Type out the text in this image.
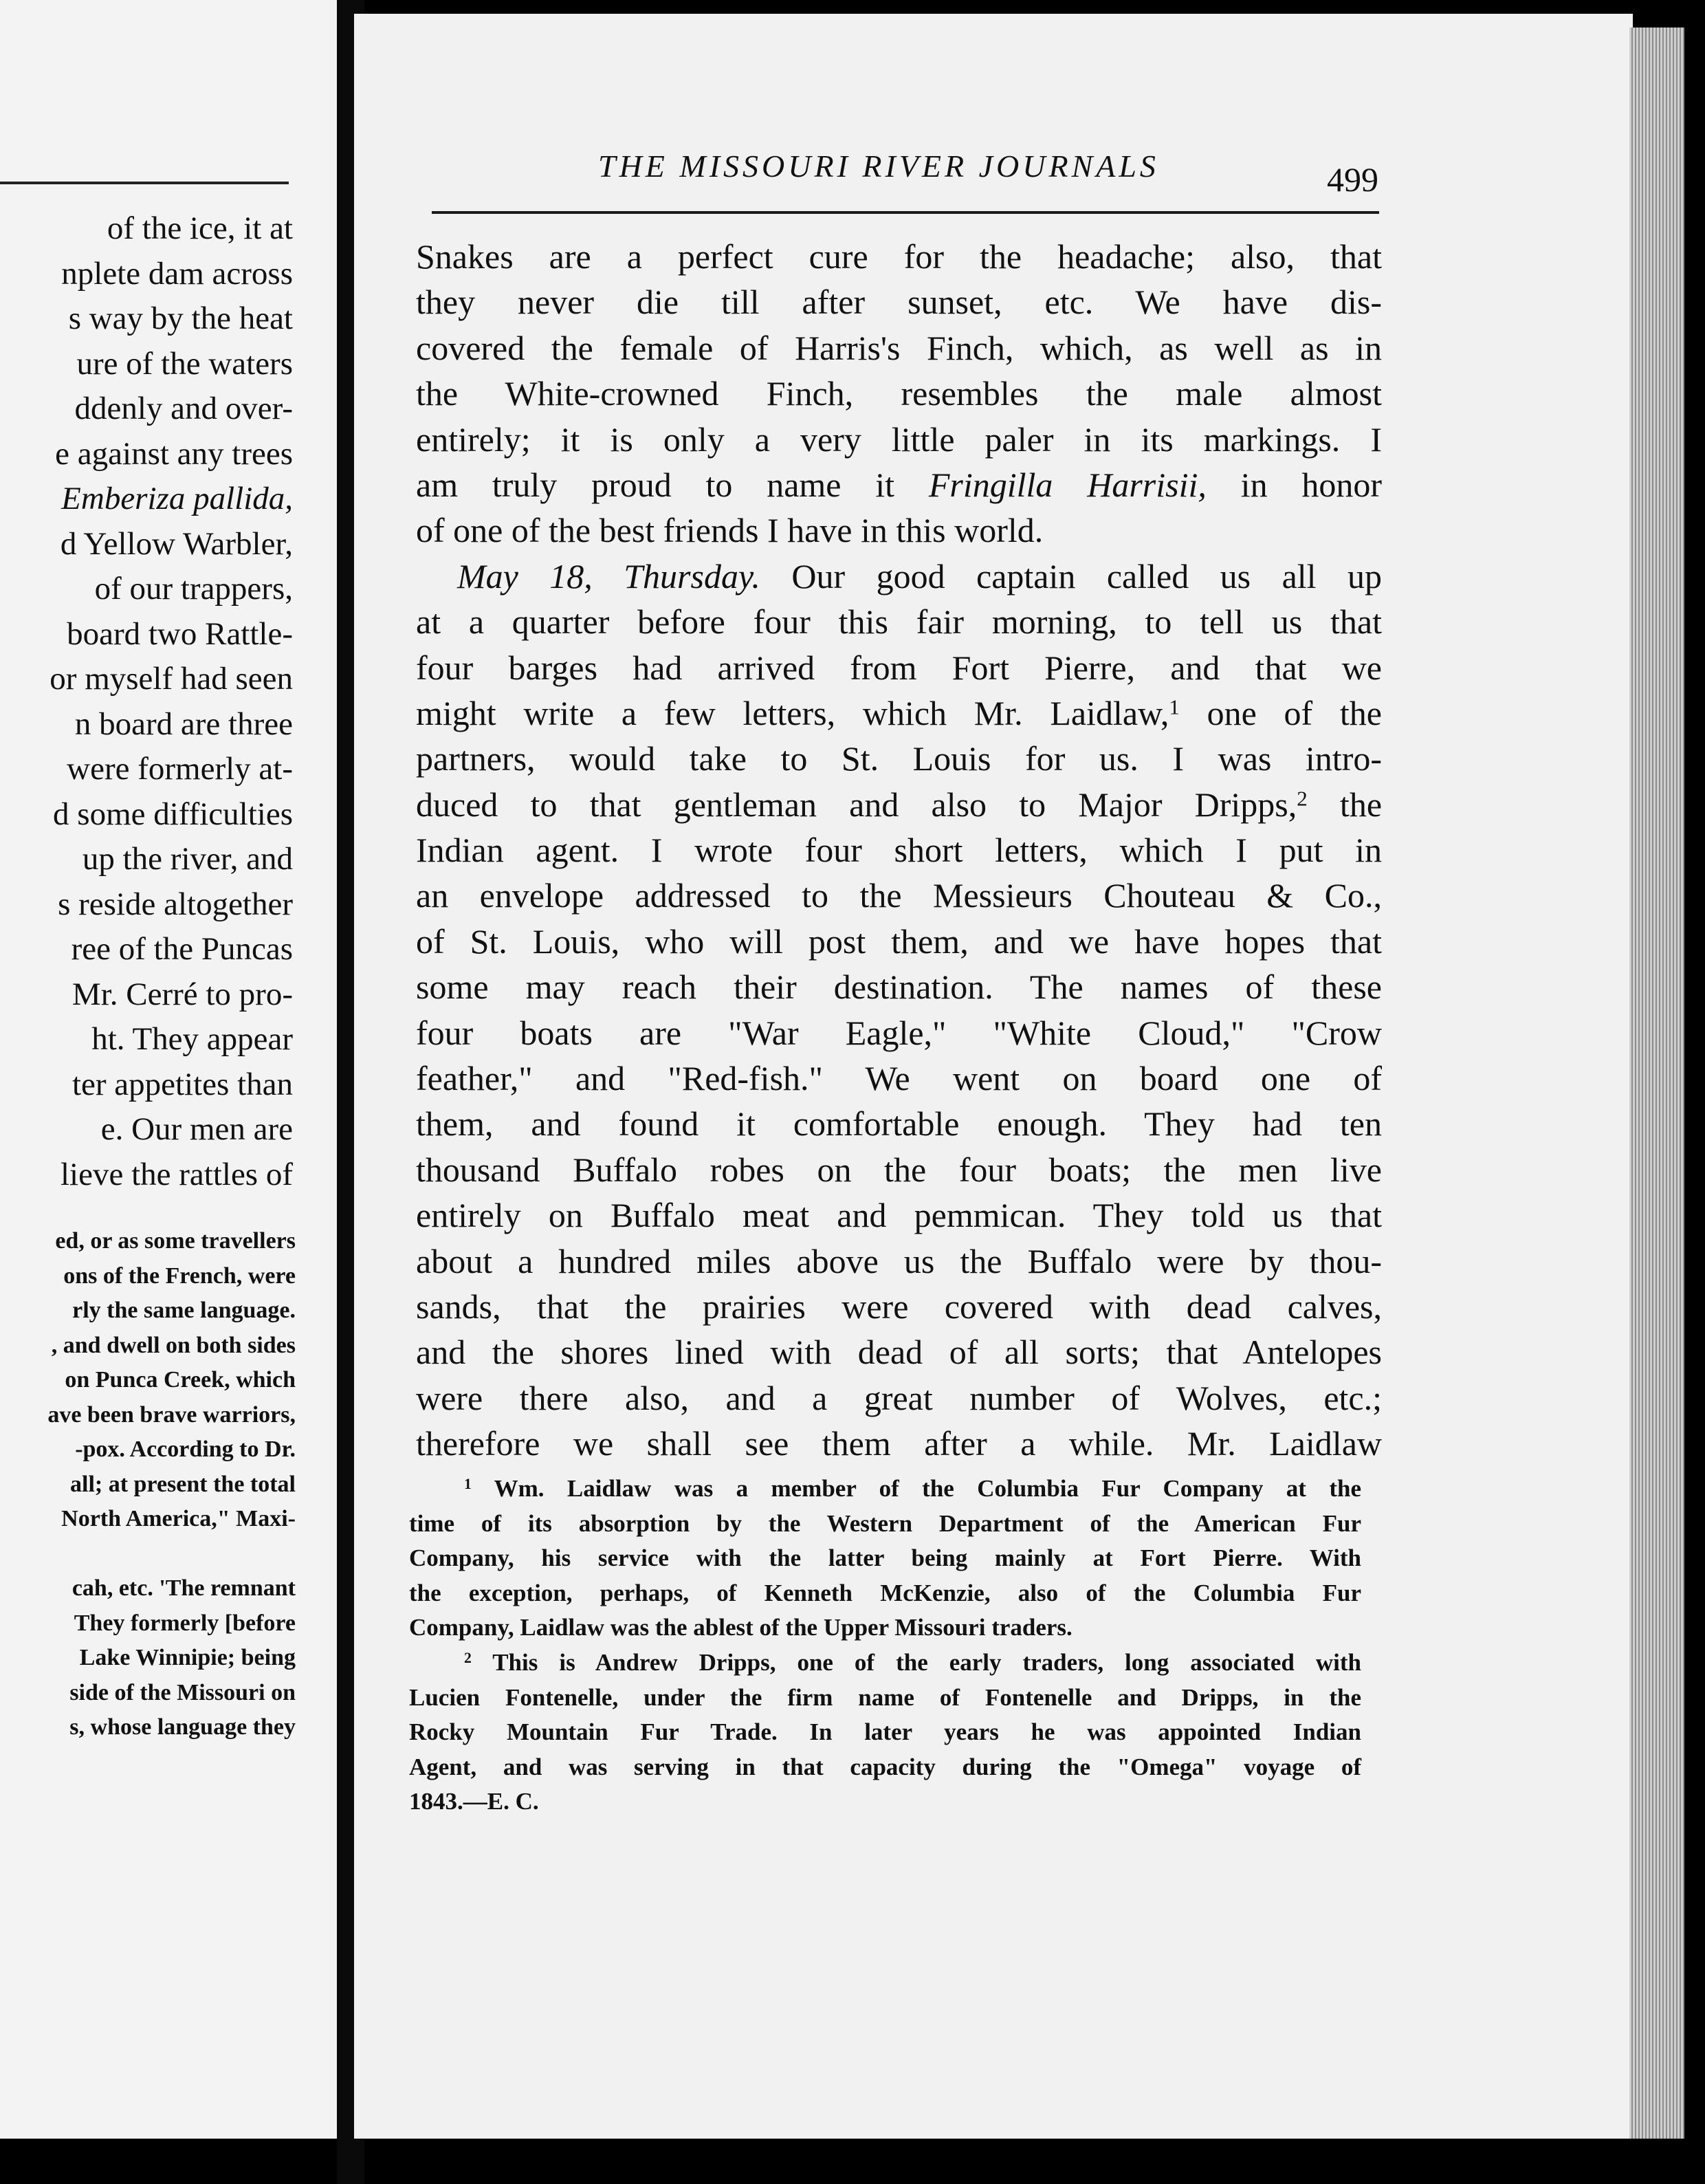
of the ice, it at
nplete dam across
s way by the heat
ure of the waters
ddenly and over-
e against any trees
Emberiza pallida,
d Yellow Warbler,
of our trappers,
board two Rattle-
or myself had seen
n board are three
were formerly at-
d some difficulties
up the river, and
s reside altogether
ree of the Puncas
Mr. Cerré to pro-
ht. They appear
ter appetites than
e. Our men are
lieve the rattles of
ed, or as some travellers
ons of the French, were
rly the same language.
, and dwell on both sides
on Punca Creek, which
ave been brave warriors,
-pox. According to Dr.
all; at present the total
North America," Maxi-

cah, etc. 'The remnant
They formerly [before
Lake Winnipie; being
side of the Missouri on
s, whose language they
THE MISSOURI RIVER JOURNALS	499
Snakes are a perfect cure for the headache; also, that
they never die till after sunset, etc. We have dis-
covered the female of Harris's Finch, which, as well as in
the White-crowned Finch, resembles the male almost
entirely; it is only a very little paler in its markings. I
am truly proud to name it Fringilla Harrisii, in honor
of one of the best friends I have in this world.
May 18, Thursday. Our good captain called us all up
at a quarter before four this fair morning, to tell us that
four barges had arrived from Fort Pierre, and that we
might write a few letters, which Mr. Laidlaw,$^1$ one of the
partners, would take to St. Louis for us. I was intro-
duced to that gentleman and also to Major Dripps,$^2$ the
Indian agent. I wrote four short letters, which I put in
an envelope addressed to the Messieurs Chouteau & Co.,
of St. Louis, who will post them, and we have hopes that
some may reach their destination. The names of these
four boats are "War Eagle," "White Cloud," "Crow
feather," and "Red-fish." We went on board one of
them, and found it comfortable enough. They had ten
thousand Buffalo robes on the four boats; the men live
entirely on Buffalo meat and pemmican. They told us that
about a hundred miles above us the Buffalo were by thou-
sands, that the prairies were covered with dead calves,
and the shores lined with dead of all sorts; that Antelopes
were there also, and a great number of Wolves, etc.;
therefore we shall see them after a while. Mr. Laidlaw
$^1$ Wm. Laidlaw was a member of the Columbia Fur Company at the
time of its absorption by the Western Department of the American Fur
Company, his service with the latter being mainly at Fort Pierre. With
the exception, perhaps, of Kenneth McKenzie, also of the Columbia Fur
Company, Laidlaw was the ablest of the Upper Missouri traders.
$^2$ This is Andrew Dripps, one of the early traders, long associated with
Lucien Fontenelle, under the firm name of Fontenelle and Dripps, in the
Rocky Mountain Fur Trade. In later years he was appointed Indian
Agent, and was serving in that capacity during the "Omega" voyage of
1843.—E. C.
